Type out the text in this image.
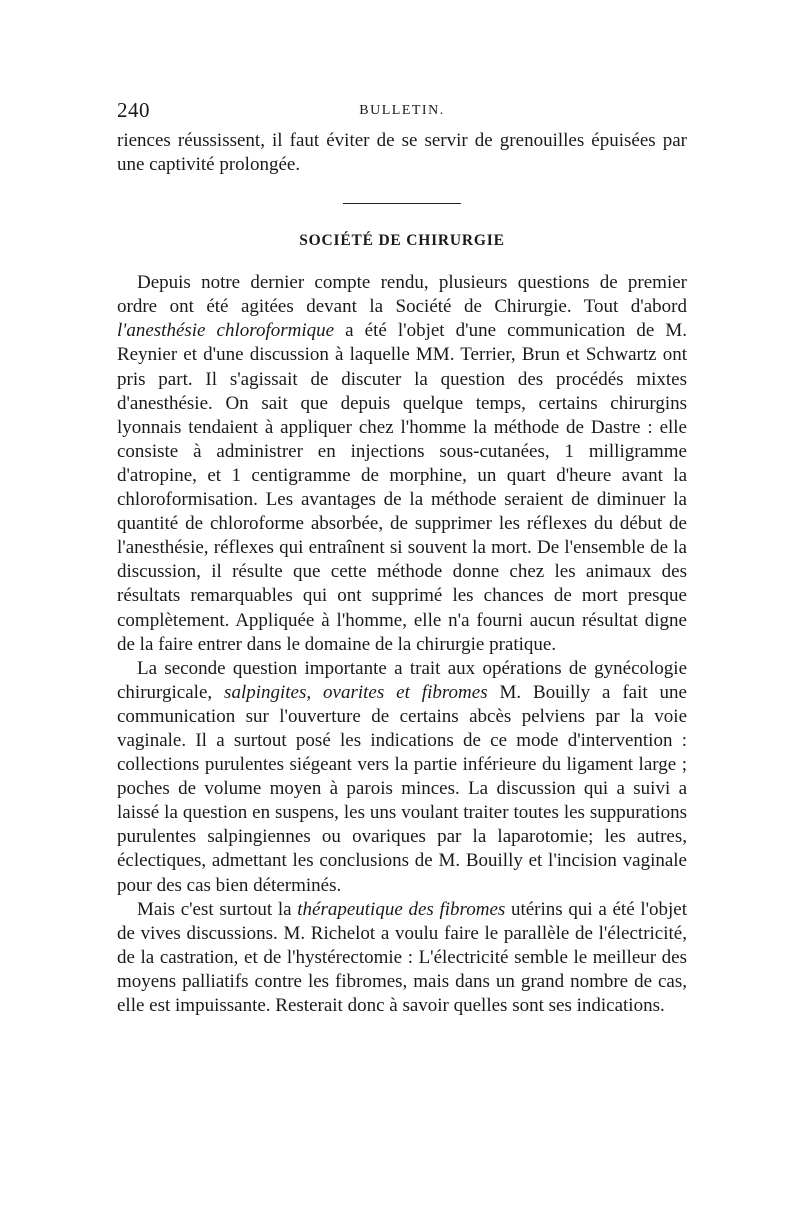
240	BULLETIN.

riences réussissent, il faut éviter de se servir de grenouilles épuisées par une captivité prolongée.

SOCIÉTÉ DE CHIRURGIE

Depuis notre dernier compte rendu, plusieurs questions de premier ordre ont été agitées devant la Société de Chirurgie. Tout d'abord l'anesthésie chloroformique a été l'objet d'une communication de M. Reynier et d'une discussion à laquelle MM. Terrier, Brun et Schwartz ont pris part. Il s'agissait de discuter la question des procédés mixtes d'anesthésie. On sait que depuis quelque temps, certains chirurgins lyonnais tendaient à appliquer chez l'homme la méthode de Dastre : elle consiste à administrer en injections sous-cutanées, 1 milligramme d'atropine, et 1 centigramme de morphine, un quart d'heure avant la chloroformisation. Les avantages de la méthode seraient de diminuer la quantité de chloroforme absorbée, de supprimer les réflexes du début de l'anesthésie, réflexes qui entraînent si souvent la mort. De l'ensemble de la discussion, il résulte que cette méthode donne chez les animaux des résultats remarquables qui ont supprimé les chances de mort presque complètement. Appliquée à l'homme, elle n'a fourni aucun résultat digne de la faire entrer dans le domaine de la chirurgie pratique.

La seconde question importante a trait aux opérations de gynécologie chirurgicale, salpingites, ovarites et fibromes M. Bouilly a fait une communication sur l'ouverture de certains abcès pelviens par la voie vaginale. Il a surtout posé les indications de ce mode d'intervention : collections purulentes siégeant vers la partie inférieure du ligament large ; poches de volume moyen à parois minces. La discussion qui a suivi a laissé la question en suspens, les uns voulant traiter toutes les suppurations purulentes salpingiennes ou ovariques par la laparotomie; les autres, éclectiques, admettant les conclusions de M. Bouilly et l'incision vaginale pour des cas bien déterminés.

Mais c'est surtout la thérapeutique des fibromes utérins qui a été l'objet de vives discussions. M. Richelot a voulu faire le parallèle de l'électricité, de la castration, et de l'hystérectomie : L'électricité semble le meilleur des moyens palliatifs contre les fibromes, mais dans un grand nombre de cas, elle est impuissante. Resterait donc à savoir quelles sont ses indications.
